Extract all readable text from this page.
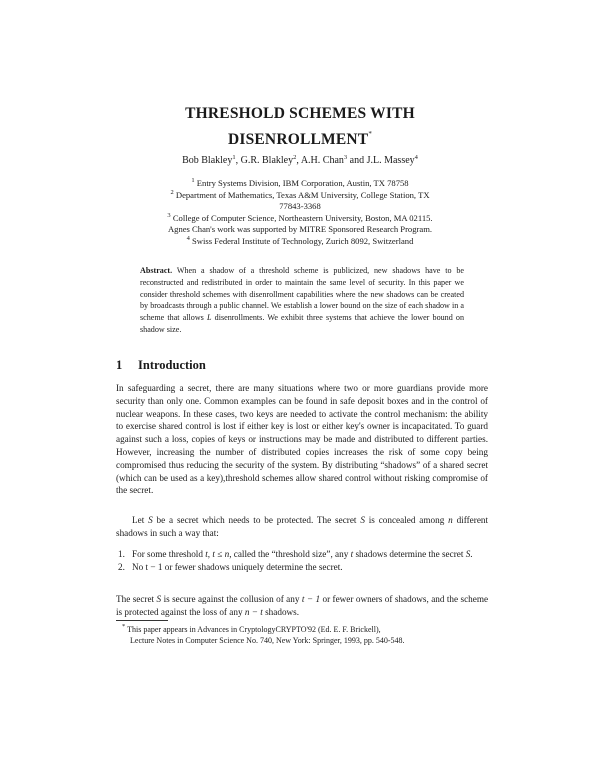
THRESHOLD SCHEMES WITH
DISENROLLMENT*
Bob Blakley$^1$, G.R. Blakley$^2$, A.H. Chan$^3$ and J.L. Massey$^4$
$^1$ Entry Systems Division, IBM Corporation, Austin, TX 78758
$^2$ Department of Mathematics, Texas A&M University, College Station, TX
77843-3368
$^3$ College of Computer Science, Northeastern University, Boston, MA 02115.
Agnes Chan's work was supported by MITRE Sponsored Research Program.
$^4$ Swiss Federal Institute of Technology, Zurich 8092, Switzerland
Abstract. When a shadow of a threshold scheme is publicized, new shadows have to be reconstructed and redistributed in order to maintain the same level of security. In this paper we consider threshold schemes with disenrollment capabilities where the new shadows can be created by broadcasts through a public channel. We establish a lower bound on the size of each shadow in a scheme that allows L disenrollments. We exhibit three systems that achieve the lower bound on shadow size.
1 Introduction
In safeguarding a secret, there are many situations where two or more guardians provide more security than only one. Common examples can be found in safe deposit boxes and in the control of nuclear weapons. In these cases, two keys are needed to activate the control mechanism: the ability to exercise shared control is lost if either key is lost or either key's owner is incapacitated. To guard against such a loss, copies of keys or instructions may be made and distributed to different parties. However, increasing the number of distributed copies increases the risk of some copy being compromised thus reducing the security of the system. By distributing “shadows” of a shared secret (which can be used as a key),threshold schemes allow shared control without risking compromise of the secret.
Let S be a secret which needs to be protected. The secret S is concealed among n different shadows in such a way that:
1. For some threshold t, t ≤ n, called the “threshold size”, any t shadows determine the secret S.
2. No t − 1 or fewer shadows uniquely determine the secret.
The secret S is secure against the collusion of any t − 1 or fewer owners of shadows, and the scheme is protected against the loss of any n − t shadows.
* This paper appears in Advances in CryptologyCRYPTO'92 (Ed. E. F. Brickell),
Lecture Notes in Computer Science No. 740, New York: Springer, 1993, pp. 540-548.
